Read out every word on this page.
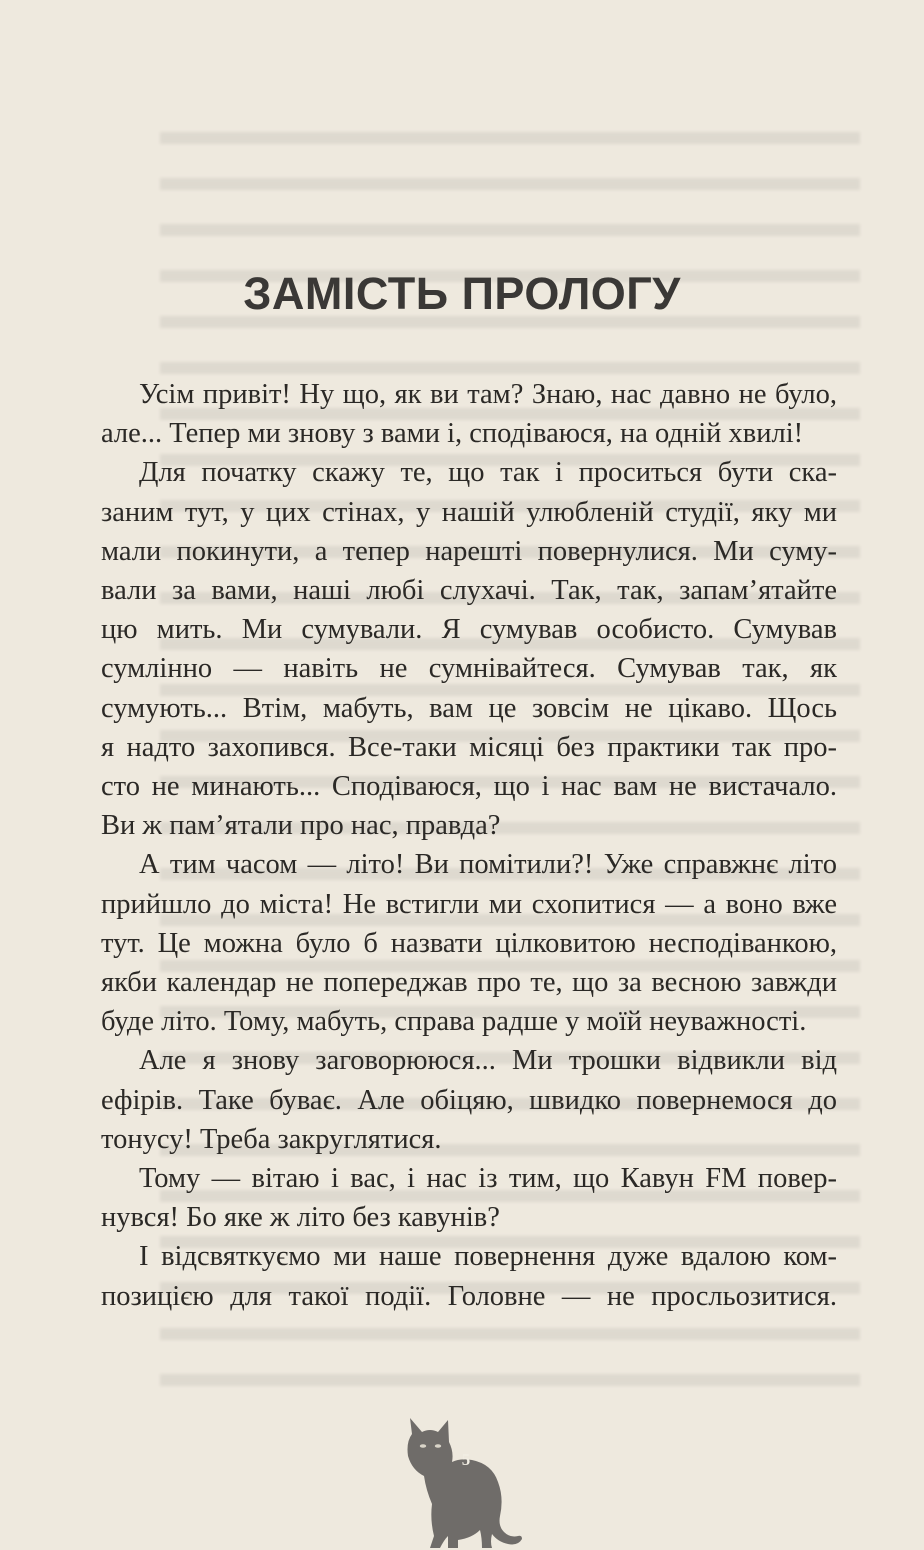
ЗАМІСТЬ ПРОЛОГУ

Усім привіт! Ну що, як ви там? Знаю, нас давно не було,
але... Тепер ми знову з вами і, сподіваюся, на одній хвилі!

Для початку скажу те, що так і проситься бути ска-
заним тут, у цих стінах, у нашій улюбленій студії, яку ми
мали покинути, а тепер нарешті повернулися. Ми суму-
вали за вами, наші любі слухачі. Так, так, запам’ятайте
цю мить. Ми сумували. Я сумував особисто. Сумував
сумлінно — навіть не сумнівайтеся. Сумував так, як
сумують... Втім, мабуть, вам це зовсім не цікаво. Щось
я надто захопився. Все-таки місяці без практики так про-
сто не минають... Сподіваюся, що і нас вам не вистачало.
Ви ж пам’ятали про нас, правда?

А тим часом — літо! Ви помітили?! Уже справжнє літо
прийшло до міста! Не встигли ми схопитися — а воно вже
тут. Це можна було б назвати цілковитою несподіванкою,
якби календар не попереджав про те, що за весною завжди
буде літо. Тому, мабуть, справа радше у моїй неуважності.

Але я знову заговорююся... Ми трошки відвикли від
ефірів. Таке буває. Але обіцяю, швидко повернемося до
тонусу! Треба закруглятися.

Тому — вітаю і вас, і нас із тим, що Кавун FM повер-
нувся! Бо яке ж літо без кавунів?

І відсвяткуємо ми наше повернення дуже вдалою ком-
позицією для такої події. Головне — не просльозитися.

5
